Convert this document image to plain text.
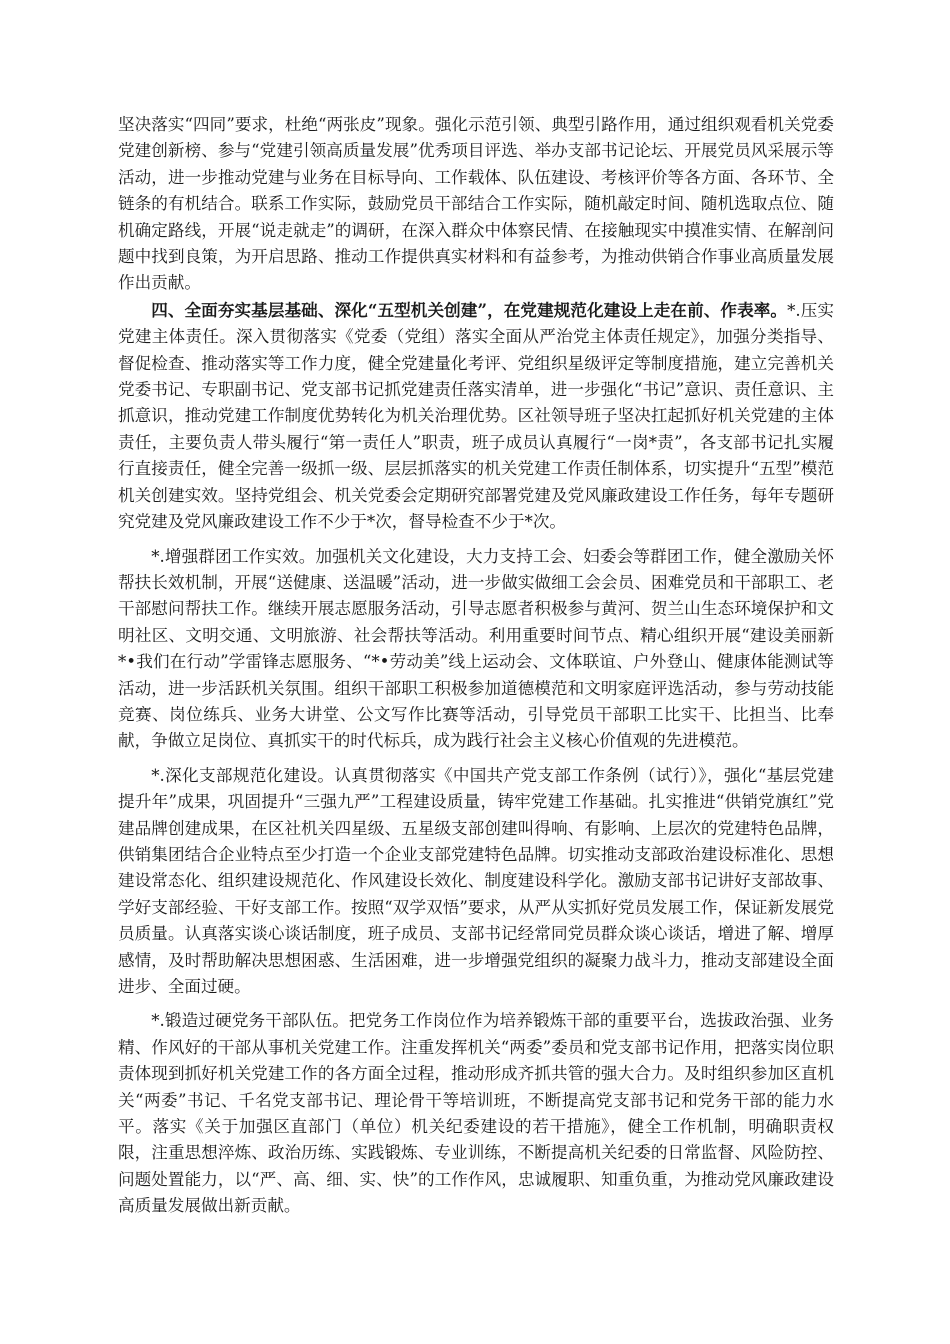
坚决落实“四同”要求，杜绝“两张皮”现象。强化示范引领、典型引路作用，通过组织观看机关党委党建创新榜、参与“党建引领高质量发展”优秀项目评选、举办支部书记论坛、开展党员风采展示等活动，进一步推动党建与业务在目标导向、工作载体、队伍建设、考核评价等各方面、各环节、全链条的有机结合。联系工作实际，鼓励党员干部结合工作实际，随机敲定时间、随机选取点位、随机确定路线，开展“说走就走”的调研，在深入群众中体察民情、在接触现实中摸准实情、在解剖问题中找到良策，为开启思路、推动工作提供真实材料和有益参考，为推动供销合作事业高质量发展作出贡献。

四、全面夯实基层基础、深化“五型机关创建”，在党建规范化建设上走在前、作表率。*.压实党建主体责任。深入贯彻落实《党委（党组）落实全面从严治党主体责任规定》，加强分类指导、督促检查、推动落实等工作力度，健全党建量化考评、党组织星级评定等制度措施，建立完善机关党委书记、专职副书记、党支部书记抓党建责任落实清单，进一步强化“书记”意识、责任意识、主抓意识，推动党建工作制度优势转化为机关治理优势。区社领导班子坚决扛起抓好机关党建的主体责任，主要负责人带头履行“第一责任人”职责，班子成员认真履行“一岗*责”，各支部书记扎实履行直接责任，健全完善一级抓一级、层层抓落实的机关党建工作责任制体系，切实提升“五型”模范机关创建实效。坚持党组会、机关党委会定期研究部署党建及党风廉政建设工作任务，每年专题研究党建及党风廉政建设工作不少于*次，督导检查不少于*次。

*.增强群团工作实效。加强机关文化建设，大力支持工会、妇委会等群团工作，健全激励关怀帮扶长效机制，开展“送健康、送温暖”活动，进一步做实做细工会会员、困难党员和干部职工、老干部慰问帮扶工作。继续开展志愿服务活动，引导志愿者积极参与黄河、贺兰山生态环境保护和文明社区、文明交通、文明旅游、社会帮扶等活动。利用重要时间节点、精心组织开展“建设美丽新*•我们在行动”学雷锋志愿服务、“*•劳动美”线上运动会、文体联谊、户外登山、健康体能测试等活动，进一步活跃机关氛围。组织干部职工积极参加道德模范和文明家庭评选活动，参与劳动技能竞赛、岗位练兵、业务大讲堂、公文写作比赛等活动，引导党员干部职工比实干、比担当、比奉献，争做立足岗位、真抓实干的时代标兵，成为践行社会主义核心价值观的先进模范。

*.深化支部规范化建设。认真贯彻落实《中国共产党支部工作条例（试行）》，强化“基层党建提升年”成果，巩固提升“三强九严”工程建设质量，铸牢党建工作基础。扎实推进“供销党旗红”党建品牌创建成果，在区社机关四星级、五星级支部创建叫得响、有影响、上层次的党建特色品牌，供销集团结合企业特点至少打造一个企业支部党建特色品牌。切实推动支部政治建设标准化、思想建设常态化、组织建设规范化、作风建设长效化、制度建设科学化。激励支部书记讲好支部故事、学好支部经验、干好支部工作。按照“双学双悟”要求，从严从实抓好党员发展工作，保证新发展党员质量。认真落实谈心谈话制度，班子成员、支部书记经常同党员群众谈心谈话，增进了解、增厚感情，及时帮助解决思想困惑、生活困难，进一步增强党组织的凝聚力战斗力，推动支部建设全面进步、全面过硬。

*.锻造过硬党务干部队伍。把党务工作岗位作为培养锻炼干部的重要平台，选拔政治强、业务精、作风好的干部从事机关党建工作。注重发挥机关“两委”委员和党支部书记作用，把落实岗位职责体现到抓好机关党建工作的各方面全过程，推动形成齐抓共管的强大合力。及时组织参加区直机关“两委”书记、千名党支部书记、理论骨干等培训班，不断提高党支部书记和党务干部的能力水平。落实《关于加强区直部门（单位）机关纪委建设的若干措施》，健全工作机制，明确职责权限，注重思想淬炼、政治历练、实践锻炼、专业训练，不断提高机关纪委的日常监督、风险防控、问题处置能力，以“严、高、细、实、快”的工作作风，忠诚履职、知重负重，为推动党风廉政建设高质量发展做出新贡献。
